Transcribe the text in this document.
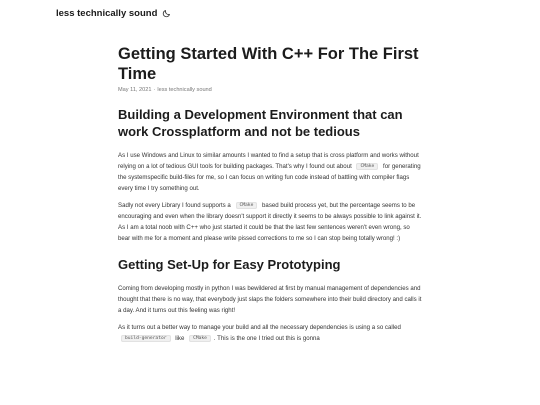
less technically sound
Getting Started With C++ For The First Time
May 11, 2021 · less technically sound
Building a Development Environment that can work Crossplatform and not be tedious

As I use Windows and Linux to similar amounts I wanted to find a setup that is cross platform and works without relying on a lot of tedious GUI tools for building packages. That's why I found out about CMake for generating the systemspecific build-files for me, so I can focus on writing fun code instead of battling with compiler flags every time I try something out.

Sadly not every Library I found supports a CMake based build process yet, but the percentage seems to be encouraging and even when the library doesn't support it directly it seems to be always possible to link against it. As I am a total noob with C++ who just started it could be that the last few sentences weren't even wrong, so bear with me for a moment and please write pissed corrections to me so I can stop being totally wrong! :)

Getting Set-Up for Easy Prototyping

Coming from developing mostly in python I was bewildered at first by manual management of dependencies and thought that there is no way, that everybody just slaps the folders somewhere into their build directory and calls it a day. And it turns out this feeling was right!

As it turns out a better way to manage your build and all the necessary dependencies is using a so called build-generator like CMake . This is the one I tried out this is gonna
